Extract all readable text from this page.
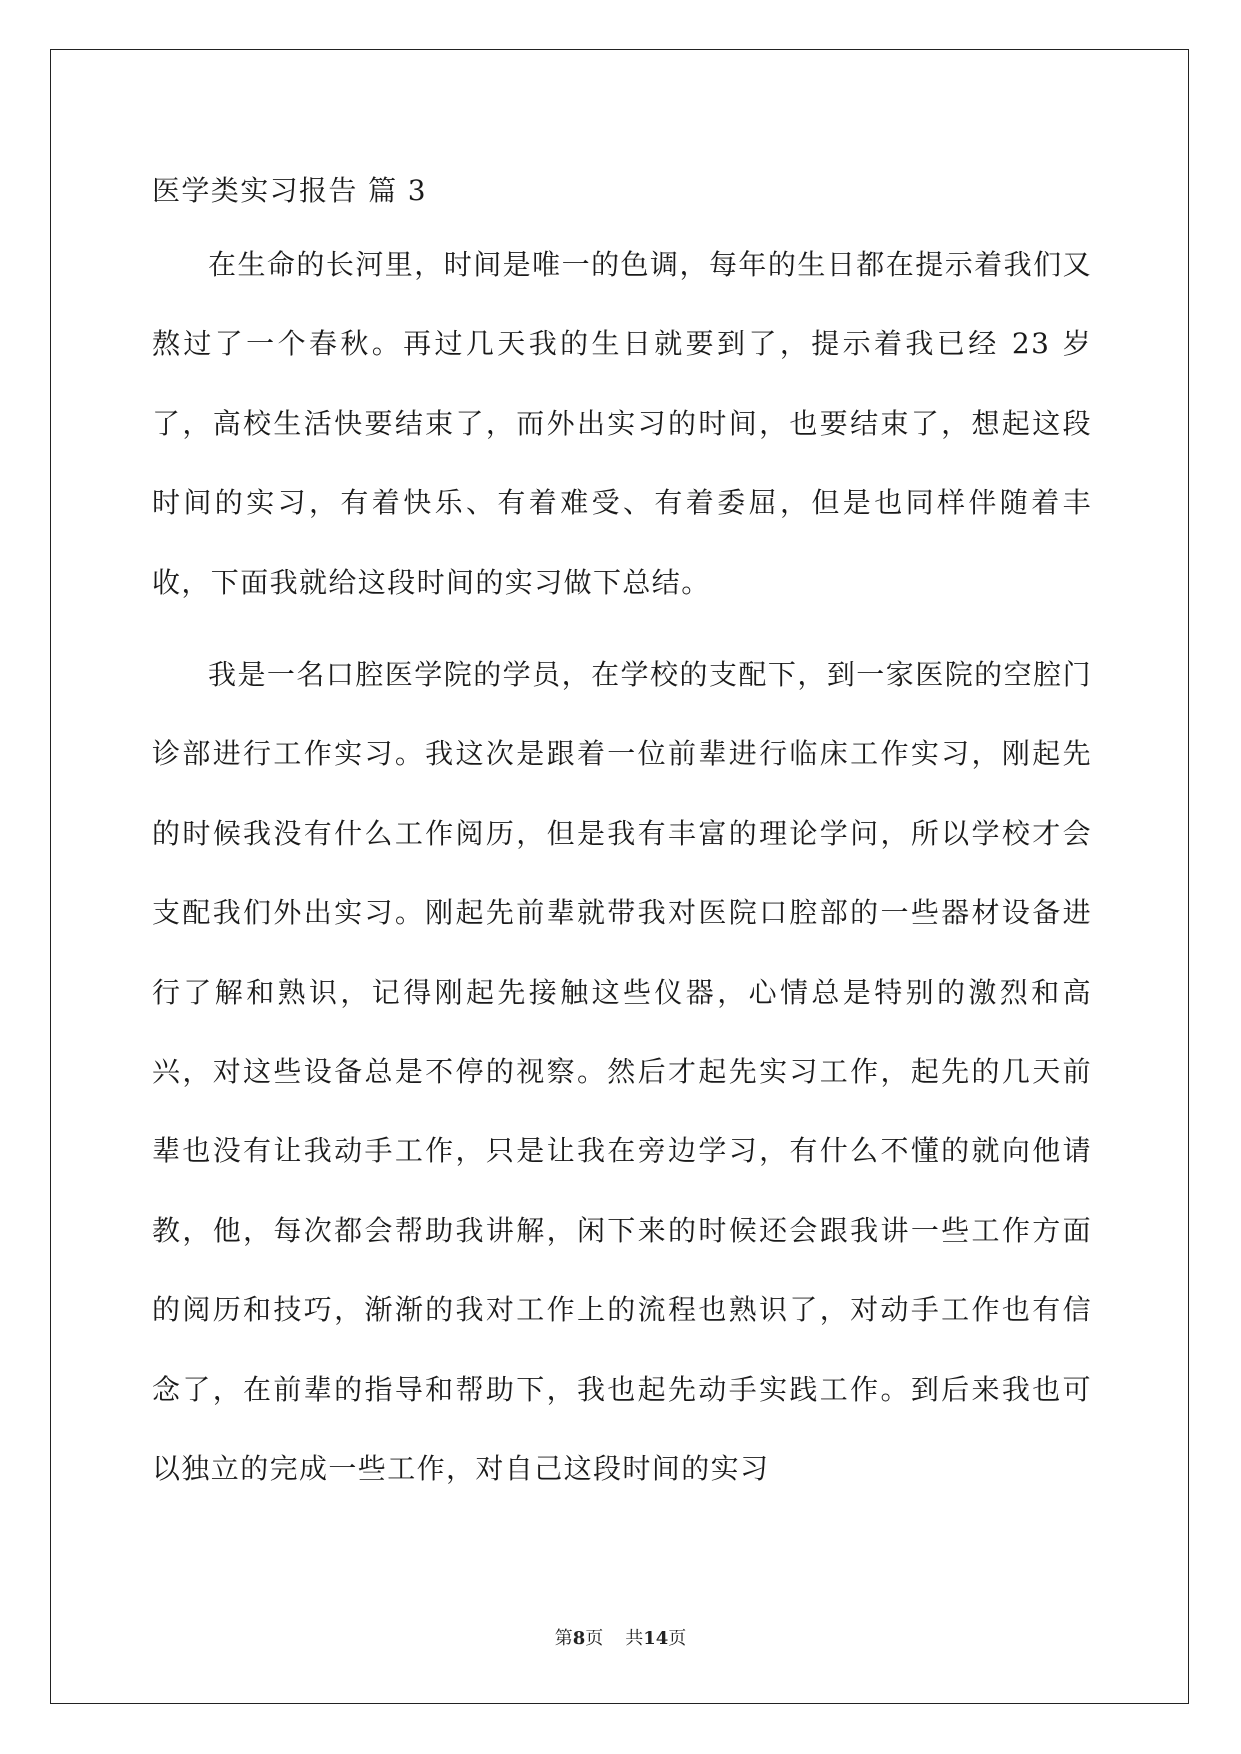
医学类实习报告 篇 3

在生命的长河里，时间是唯一的色调，每年的生日都在提示着我们又熬过了一个春秋。再过几天我的生日就要到了，提示着我已经 23 岁了，高校生活快要结束了，而外出实习的时间，也要结束了，想起这段时间的实习，有着快乐、有着难受、有着委屈，但是也同样伴随着丰收，下面我就给这段时间的实习做下总结。

我是一名口腔医学院的学员，在学校的支配下，到一家医院的空腔门诊部进行工作实习。我这次是跟着一位前辈进行临床工作实习，刚起先的时候我没有什么工作阅历，但是我有丰富的理论学问，所以学校才会支配我们外出实习。刚起先前辈就带我对医院口腔部的一些器材设备进行了解和熟识，记得刚起先接触这些仪器，心情总是特别的激烈和高兴，对这些设备总是不停的视察。然后才起先实习工作，起先的几天前辈也没有让我动手工作，只是让我在旁边学习，有什么不懂的就向他请教，他，每次都会帮助我讲解，闲下来的时候还会跟我讲一些工作方面的阅历和技巧，渐渐的我对工作上的流程也熟识了，对动手工作也有信念了，在前辈的指导和帮助下，我也起先动手实践工作。到后来我也可以独立的完成一些工作，对自己这段时间的实习

第8页 共14页
